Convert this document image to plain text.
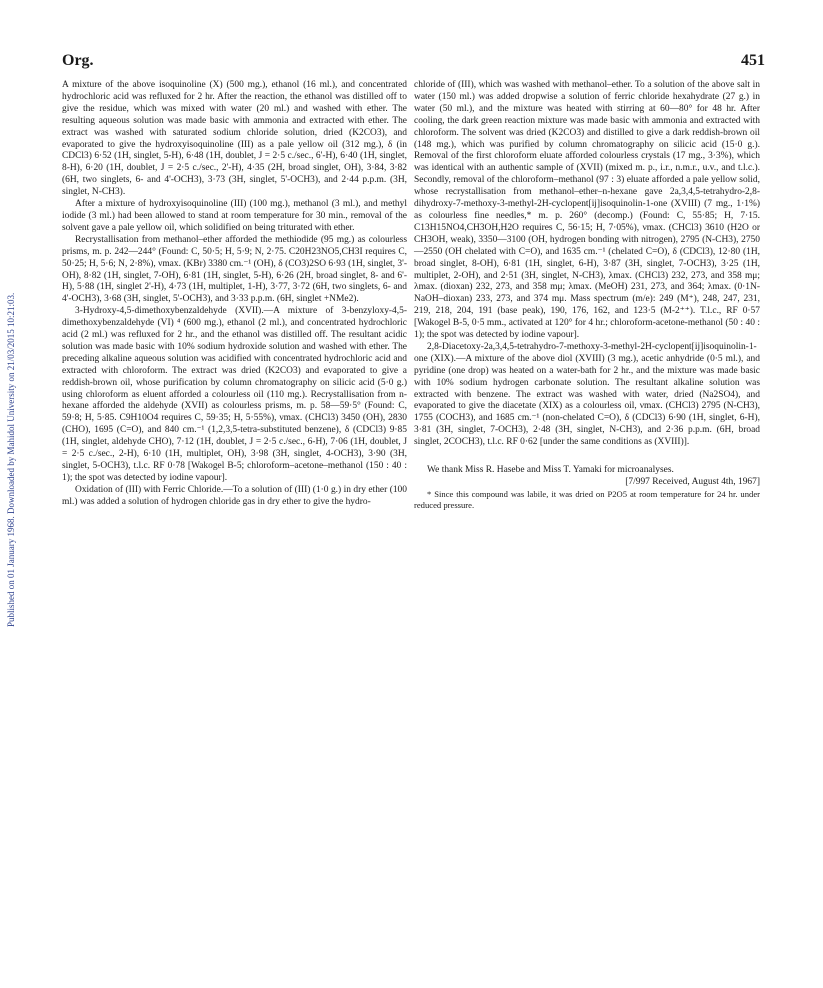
Org.	451
Published on 01 January 1968. Downloaded by Mahidol University on 21/03/2015 10:21:03.

A mixture of the above isoquinoline (X) (500 mg.), ethanol (16 ml.), and concentrated hydrochloric acid was refluxed for 2 hr. After the reaction, the ethanol was distilled off to give the residue, which was mixed with water (20 ml.) and washed with ether. The resulting aqueous solution was made basic with ammonia and extracted with ether. The extract was washed with saturated sodium chloride solution, dried (K2CO3), and evaporated to give the hydroxyisoquinoline (III) as a pale yellow oil (312 mg.), δ (in CDCl3) 6·52 (1H, singlet, 5-H), 6·48 (1H, doublet, J = 2·5 c./sec., 6'-H), 6·40 (1H, singlet, 8-H), 6·20 (1H, doublet, J = 2·5 c./sec., 2'-H), 4·35 (2H, broad singlet, OH), 3·84, 3·82 (6H, two singlets, 6- and 4'-OCH3), 3·73 (3H, singlet, 5'-OCH3), and 2·44 p.p.m. (3H, singlet, N-CH3).

After a mixture of hydroxyisoquinoline (III) (100 mg.), methanol (3 ml.), and methyl iodide (3 ml.) had been allowed to stand at room temperature for 30 min., removal of the solvent gave a pale yellow oil, which solidified on being triturated with ether.

Recrystallisation from methanol–ether afforded the methiodide (95 mg.) as colourless prisms, m. p. 242—244° (Found: C, 50·5; H, 5·9; N, 2·75. C20H23NO5,CH3I requires C, 50·25; H, 5·6; N, 2·8%), νmax. (KBr) 3380 cm.⁻¹ (OH), δ (CO3)2SO 6·93 (1H, singlet, 3'-OH), 8·82 (1H, singlet, 7-OH), 6·81 (1H, singlet, 5-H), 6·26 (2H, broad singlet, 8- and 6'-H), 5·88 (1H, singlet 2'-H), 4·73 (1H, multiplet, 1-H), 3·77, 3·72 (6H, two singlets, 6- and 4'-OCH3), 3·68 (3H, singlet, 5'-OCH3), and 3·33 p.p.m. (6H, singlet +NMe2).

3-Hydroxy-4,5-dimethoxybenzaldehyde (XVII).—A mixture of 3-benzyloxy-4,5-dimethoxybenzaldehyde (VI) ⁴ (600 mg.), ethanol (2 ml.), and concentrated hydrochloric acid (2 ml.) was refluxed for 2 hr., and the ethanol was distilled off. The resultant acidic solution was made basic with 10% sodium hydroxide solution and washed with ether. The preceding alkaline aqueous solution was acidified with concentrated hydrochloric acid and extracted with chloroform. The extract was dried (K2CO3) and evaporated to give a reddish-brown oil, whose purification by column chromatography on silicic acid (5·0 g.) using chloroform as eluent afforded a colourless oil (110 mg.). Recrystallisation from n-hexane afforded the aldehyde (XVII) as colourless prisms, m. p. 58—59·5° (Found: C, 59·8; H, 5·85. C9H10O4 requires C, 59·35; H, 5·55%), νmax. (CHCl3) 3450 (OH), 2830 (CHO), 1695 (C=O), and 840 cm.⁻¹ (1,2,3,5-tetra-substituted benzene), δ (CDCl3) 9·85 (1H, singlet, aldehyde CHO), 7·12 (1H, doublet, J = 2·5 c./sec., 6-H), 7·06 (1H, doublet, J = 2·5 c./sec., 2-H), 6·10 (1H, multiplet, OH), 3·98 (3H, singlet, 4-OCH3), 3·90 (3H, singlet, 5-OCH3), t.l.c. RF 0·78 [Wakogel B-5; chloroform–acetone–methanol (150 : 40 : 1); the spot was detected by iodine vapour].

Oxidation of (III) with Ferric Chloride.—To a solution of (III) (1·0 g.) in dry ether (100 ml.) was added a solution of hydrogen chloride gas in dry ether to give the hydro-

chloride of (III), which was washed with methanol–ether. To a solution of the above salt in water (150 ml.) was added dropwise a solution of ferric chloride hexahydrate (27 g.) in water (50 ml.), and the mixture was heated with stirring at 60—80° for 48 hr. After cooling, the dark green reaction mixture was made basic with ammonia and extracted with chloroform. The solvent was dried (K2CO3) and distilled to give a dark reddish-brown oil (148 mg.), which was purified by column chromatography on silicic acid (15·0 g.). Removal of the first chloroform eluate afforded colourless crystals (17 mg., 3·3%), which was identical with an authentic sample of (XVII) (mixed m. p., i.r., n.m.r., u.v., and t.l.c.). Secondly, removal of the chloroform–methanol (97 : 3) eluate afforded a pale yellow solid, whose recrystallisation from methanol–ether–n-hexane gave 2a,3,4,5-tetrahydro-2,8-dihydroxy-7-methoxy-3-methyl-2H-cyclopent[ij]isoquinolin-1-one (XVIII) (7 mg., 1·1%) as colourless fine needles,* m. p. 260° (decomp.) (Found: C, 55·85; H, 7·15. C13H15NO4,CH3OH,H2O requires C, 56·15; H, 7·05%), νmax. (CHCl3) 3610 (H2O or CH3OH, weak), 3350—3100 (OH, hydrogen bonding with nitrogen), 2795 (N-CH3), 2750—2550 (OH chelated with C=O), and 1635 cm.⁻¹ (chelated C=O), δ (CDCl3), 12·80 (1H, broad singlet, 8-OH), 6·81 (1H, singlet, 6-H), 3·87 (3H, singlet, 7-OCH3), 3·25 (1H, multiplet, 2-OH), and 2·51 (3H, singlet, N-CH3), λmax. (CHCl3) 232, 273, and 358 mμ; λmax. (dioxan) 232, 273, and 358 mμ; λmax. (MeOH) 231, 273, and 364; λmax. (0·1N-NaOH–dioxan) 233, 273, and 374 mμ. Mass spectrum (m/e): 249 (M⁺), 248, 247, 231, 219, 218, 204, 191 (base peak), 190, 176, 162, and 123·5 (M-2⁺⁺). T.l.c., RF 0·57 [Wakogel B-5, 0·5 mm., activated at 120° for 4 hr.; chloroform-acetone-methanol (50 : 40 : 1); the spot was detected by iodine vapour].

2,8-Diacetoxy-2a,3,4,5-tetrahydro-7-methoxy-3-methyl-2H-cyclopent[ij]isoquinolin-1-one (XIX).—A mixture of the above diol (XVIII) (3 mg.), acetic anhydride (0·5 ml.), and pyridine (one drop) was heated on a water-bath for 2 hr., and the mixture was made basic with 10% sodium hydrogen carbonate solution. The resultant alkaline solution was extracted with benzene. The extract was washed with water, dried (Na2SO4), and evaporated to give the diacetate (XIX) as a colourless oil, νmax. (CHCl3) 2795 (N-CH3), 1755 (COCH3), and 1685 cm.⁻¹ (non-chelated C=O), δ (CDCl3) 6·90 (1H, singlet, 6-H), 3·81 (3H, singlet, 7-OCH3), 2·48 (3H, singlet, N-CH3), and 2·36 p.p.m. (6H, broad singlet, 2COCH3), t.l.c. RF 0·62 [under the same conditions as (XVIII)].

We thank Miss R. Hasebe and Miss T. Yamaki for microanalyses.

[7/997 Received, August 4th, 1967]

* Since this compound was labile, it was dried on P2O5 at room temperature for 24 hr. under reduced pressure.
